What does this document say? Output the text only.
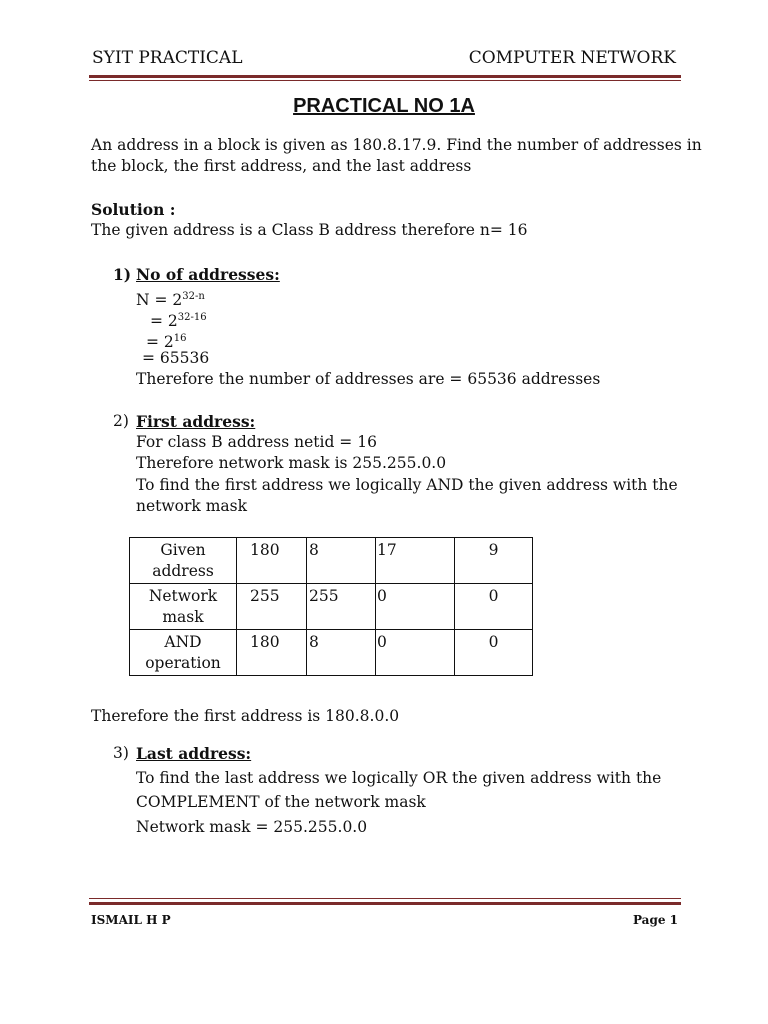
SYIT PRACTICAL	COMPUTER NETWORK
PRACTICAL NO 1A
An address in a block is given as 180.8.17.9. Find the number of addresses in
the block, the first address, and the last address
Solution :
The given address is a Class B address therefore n= 16
1) No of addresses:
$N = 2^{32-n}$
= $2^{32-16}$
= $2^{16}$
= 65536
Therefore the number of addresses are = 65536 addresses
2) First address:
For class B address netid = 16
Therefore network mask is 255.255.0.0
To find the first address we logically AND the given address with the
network mask
Given
address	180	8	17	9

Network
mask	255	255	0	0

AND
operation	180	8	0	0
Therefore the first address is 180.8.0.0
3) Last address:
To find the last address we logically OR the given address with the
COMPLEMENT of the network mask
Network mask = 255.255.0.0
ISMAIL H P	Page 1
